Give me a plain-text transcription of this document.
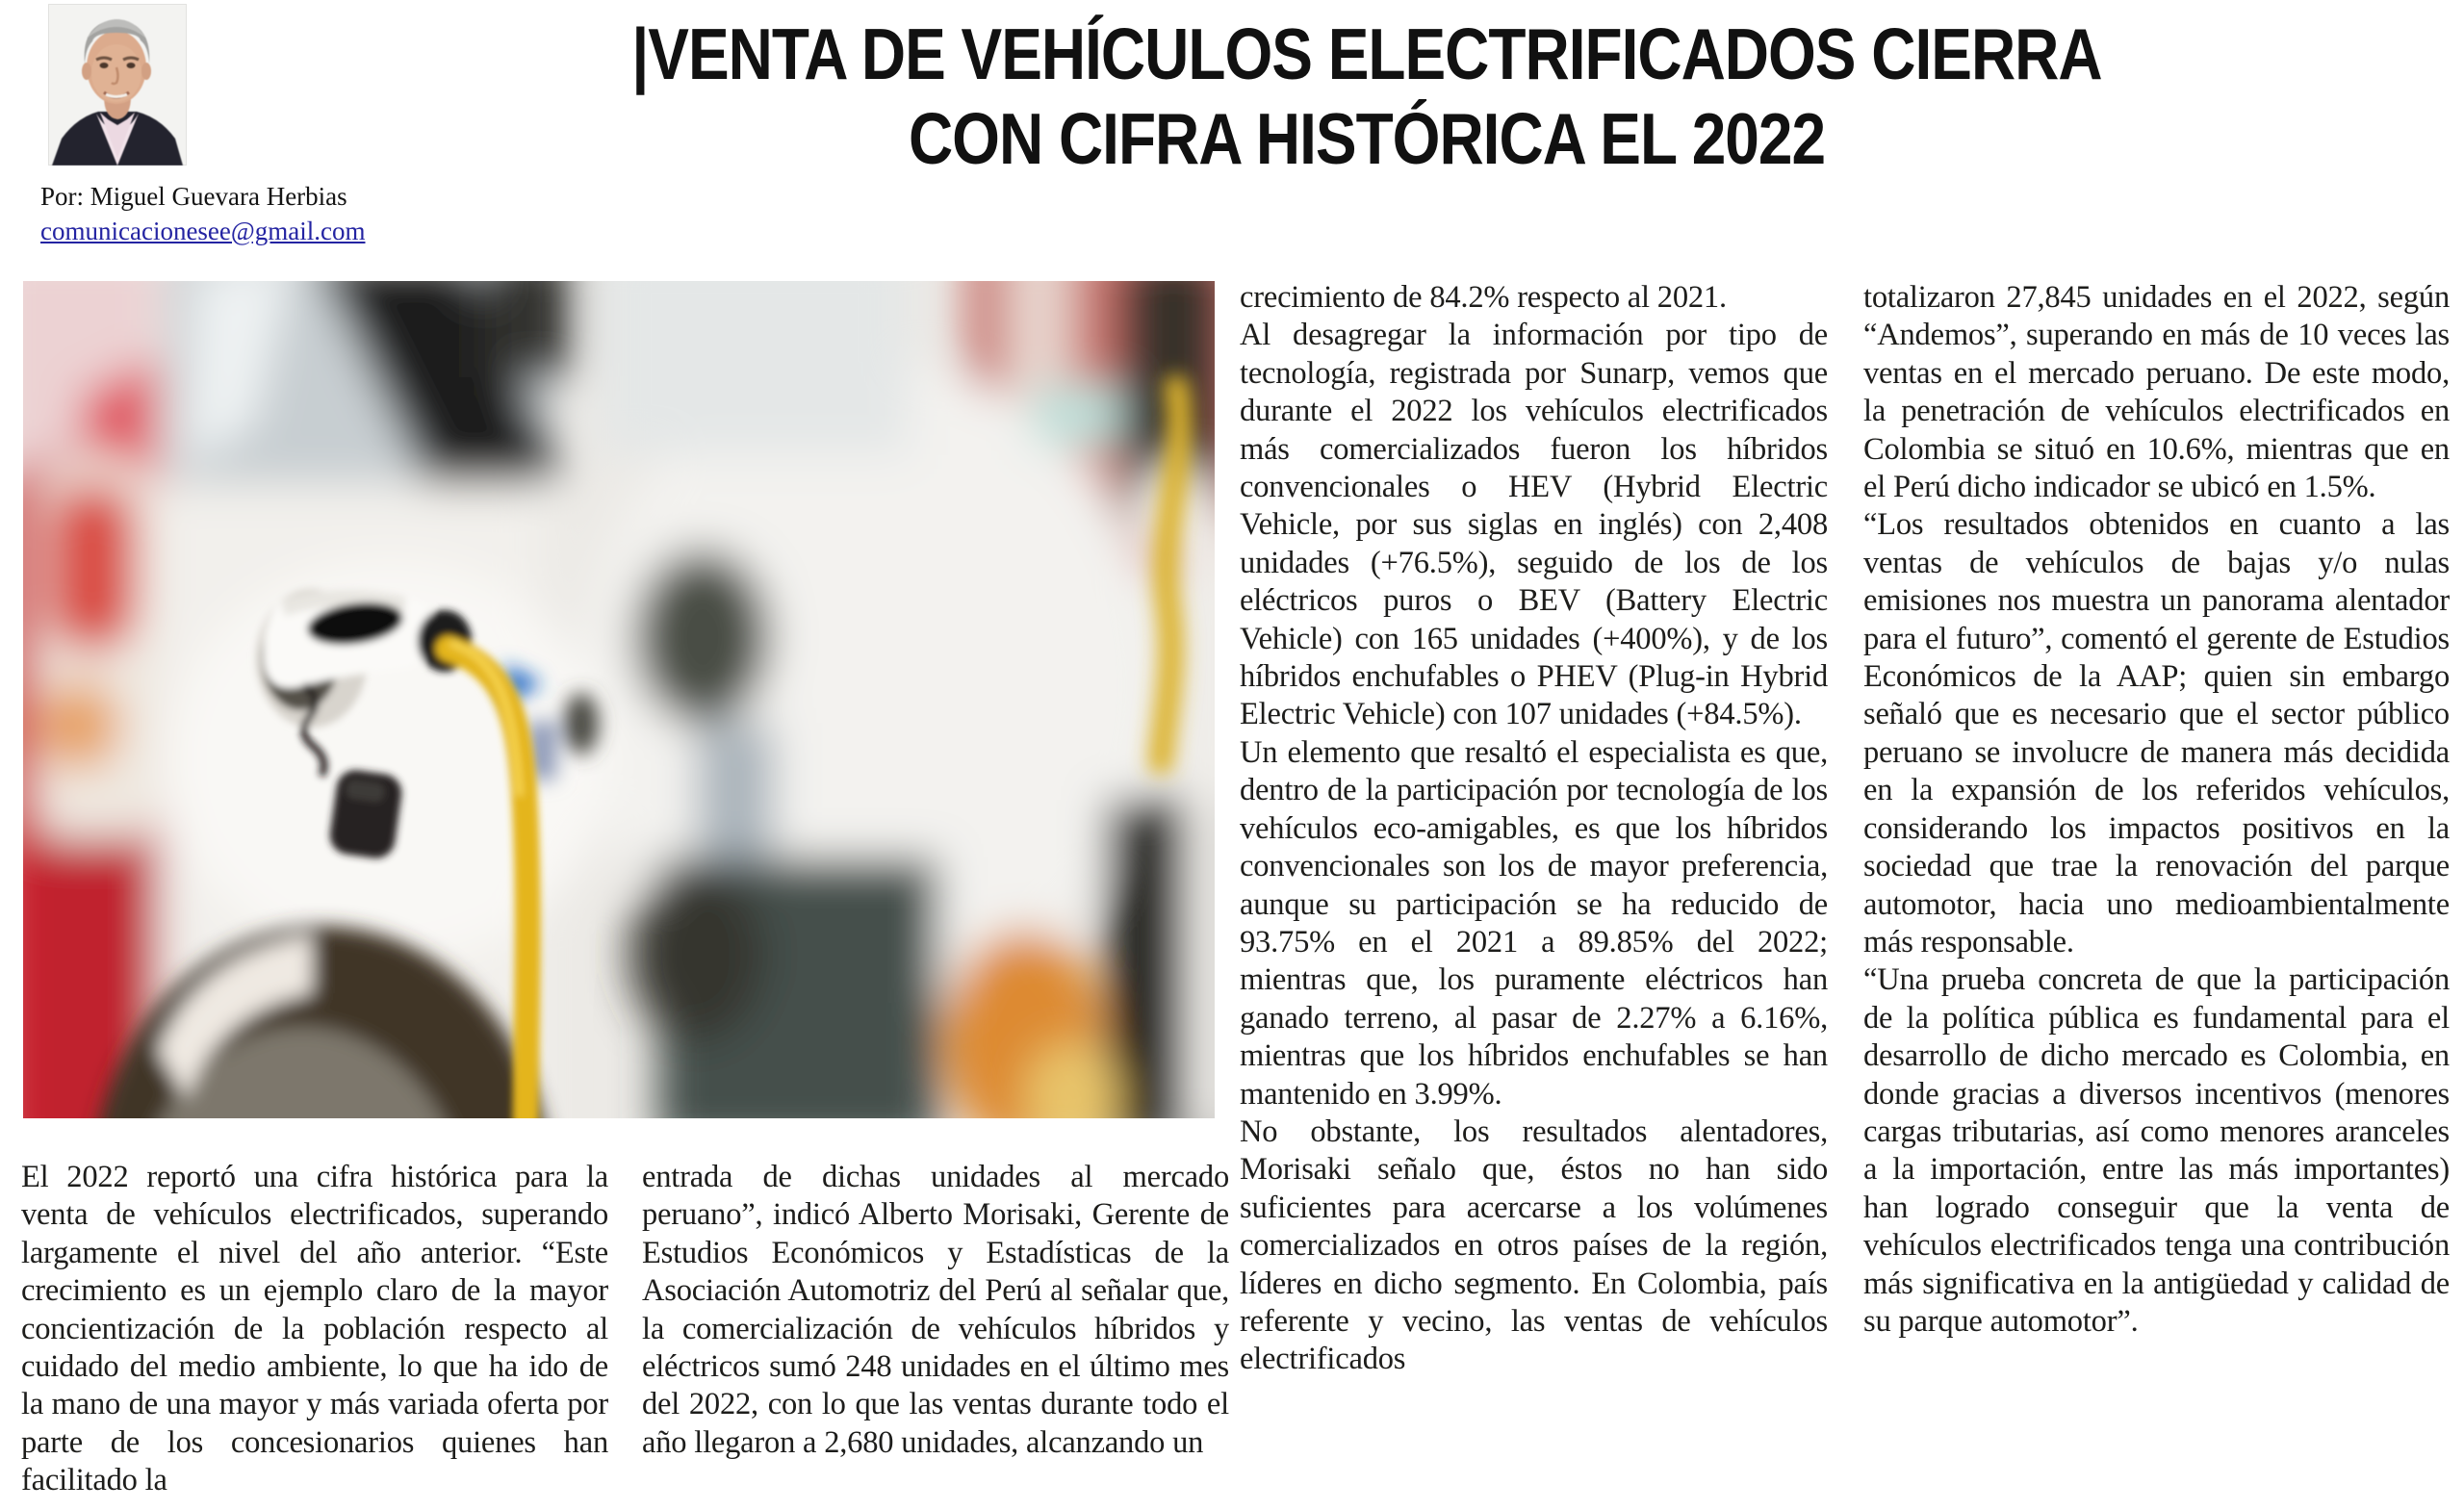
Por: Miguel Guevara Herbias
comunicacionesee@gmail.com
|VENTA DE VEHÍCULOS ELECTRIFICADOS CIERRA
CON CIFRA HISTÓRICA EL 2022

El 2022 reportó una cifra histórica para la venta de vehículos electrificados, superando largamente el nivel del año anterior. “Este crecimiento es un ejemplo claro de la mayor concientización de la población respecto al cuidado del medio ambiente, lo que ha ido de la mano de una mayor y más variada oferta por parte de los concesionarios quienes han facilitado la

entrada de dichas unidades al mercado peruano”, indicó Alberto Morisaki, Gerente de Estudios Económicos y Estadísticas de la Asociación Automotriz del Perú al señalar que, la comercialización de vehículos híbridos y eléctricos sumó 248 unidades en el último mes del 2022, con lo que las ventas durante todo el año llegaron a 2,680 unidades, alcanzando un

crecimiento de 84.2% respecto al 2021.

Al desagregar la información por tipo de tecnología, registrada por Sunarp, vemos que durante el 2022 los vehículos electrificados más comercializados fueron los híbridos convencionales o HEV (Hybrid Electric Vehicle, por sus siglas en inglés) con 2,408 unidades (+76.5%), seguido de los de los eléctricos puros o BEV (Battery Electric Vehicle) con 165 unidades (+400%), y de los híbridos enchufables o PHEV (Plug-in Hybrid Electric Vehicle) con 107 unidades (+84.5%).

Un elemento que resaltó el especialista es que, dentro de la participación por tecnología de los vehículos eco-amigables, es que los híbridos convencionales son los de mayor preferencia, aunque su participación se ha reducido de 93.75% en el 2021 a 89.85% del 2022; mientras que, los puramente eléctricos han ganado terreno, al pasar de 2.27% a 6.16%, mientras que los híbridos enchufables se han mantenido en 3.99%.

No obstante, los resultados alentadores, Morisaki señalo que, éstos no han sido suficientes para acercarse a los volúmenes comercializados en otros países de la región, líderes en dicho segmento. En Colombia, país referente y vecino, las ventas de vehículos electrificados

totalizaron 27,845 unidades en el 2022, según “Andemos”, superando en más de 10 veces las ventas en el mercado peruano. De este modo, la penetración de vehículos electrificados en Colombia se situó en 10.6%, mientras que en el Perú dicho indicador se ubicó en 1.5%.

“Los resultados obtenidos en cuanto a las ventas de vehículos de bajas y/o nulas emisiones nos muestra un panorama alentador para el futuro”, comentó el gerente de Estudios Económicos de la AAP; quien sin embargo señaló que es necesario que el sector público peruano se involucre de manera más decidida en la expansión de los referidos vehículos, considerando los impactos positivos en la sociedad que trae la renovación del parque automotor, hacia uno medioambientalmente más responsable.

“Una prueba concreta de que la participación de la política pública es fundamental para el desarrollo de dicho mercado es Colombia, en donde gracias a diversos incentivos (menores cargas tributarias, así como menores aranceles a la importación, entre las más importantes) han logrado conseguir que la venta de vehículos electrificados tenga una contribución más significativa en la antigüedad y calidad de su parque automotor”.
